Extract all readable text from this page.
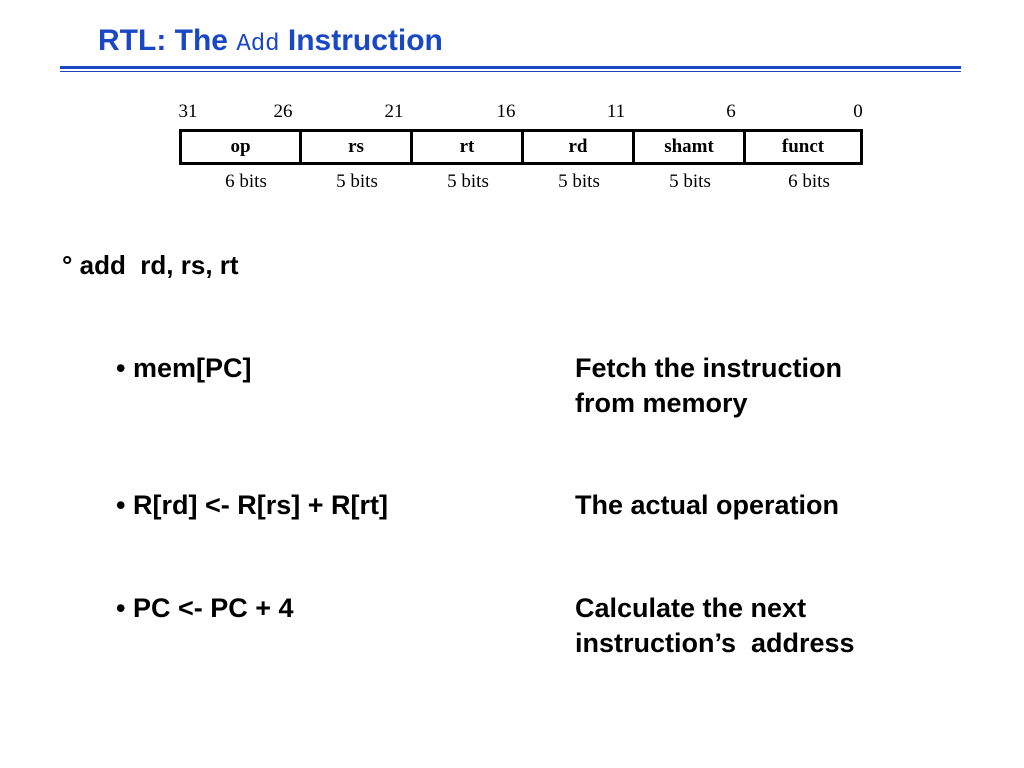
RTL: The Add Instruction
31	26	21	16	11	6	0
op	rs	rt	rd	shamt	funct
6 bits	5 bits	5 bits	5 bits	5 bits	6 bits
° add  rd, rs, rt
• mem[PC]	Fetch the instruction
from memory
• R[rd] <- R[rs] + R[rt]	The actual operation
• PC <- PC + 4	Calculate the next
instruction’s  address
